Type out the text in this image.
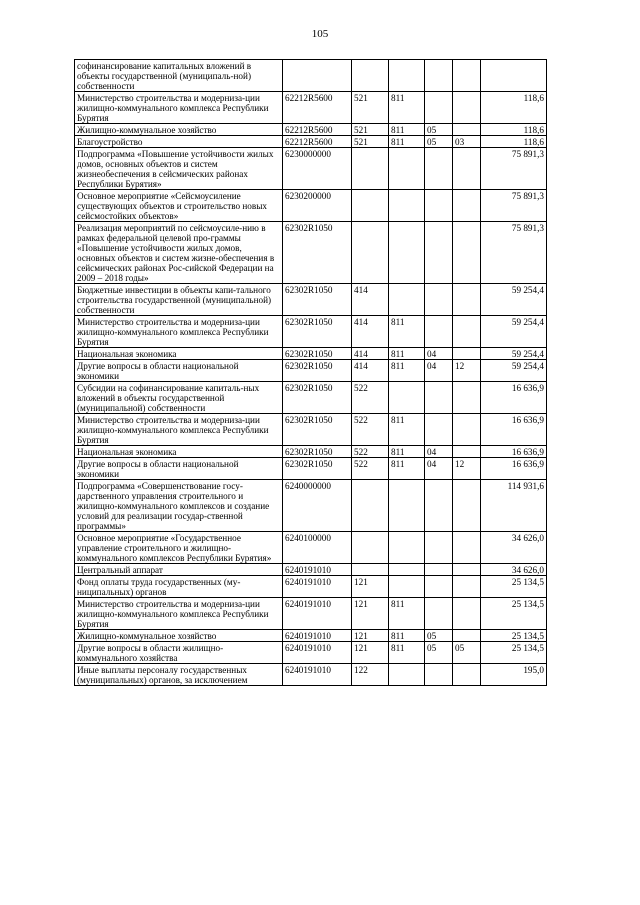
105
софинансирование капитальных вложений в объекты государственной (муниципаль-ной) собственности						
Министерство строительства и модерниза-ции жилищно-коммунального комплекса Республики Бурятия	62212R5600	521	811			118,6
Жилищно-коммунальное хозяйство	62212R5600	521	811	05		118,6
Благоустройство	62212R5600	521	811	05	03	118,6
Подпрограмма «Повышение устойчивости жилых домов, основных объектов и систем жизнеобеспечения в сейсмических районах Республики Бурятия»	6230000000					75 891,3
Основное мероприятие «Сейсмоусиление существующих объектов и строительство новых сейсмостойких объектов»	6230200000					75 891,3
Реализация мероприятий по сейсмоусиле-нию в рамках федеральной целевой про-граммы «Повышение устойчивости жилых домов, основных объектов и систем жизне-обеспечения в сейсмических районах Рос-сийской Федерации на 2009 – 2018 годы»	62302R1050					75 891,3
Бюджетные инвестиции в объекты капи-тального строительства государственной (муниципальной) собственности	62302R1050	414				59 254,4
Министерство строительства и модерниза-ции жилищно-коммунального комплекса Республики Бурятия	62302R1050	414	811			59 254,4
Национальная экономика	62302R1050	414	811	04		59 254,4
Другие вопросы в области национальной экономики	62302R1050	414	811	04	12	59 254,4
Субсидии на софинансирование капиталь-ных вложений в объекты государственной (муниципальной) собственности	62302R1050	522				16 636,9
Министерство строительства и модерниза-ции жилищно-коммунального комплекса Республики Бурятия	62302R1050	522	811			16 636,9
Национальная экономика	62302R1050	522	811	04		16 636,9
Другие вопросы в области национальной экономики	62302R1050	522	811	04	12	16 636,9
Подпрограмма «Совершенствование госу-дарственного управления строительного и жилищно-коммунального комплексов и создание условий для реализации государ-ственной программы»	6240000000					114 931,6
Основное мероприятие «Государственное управление строительного и жилищно-коммунального комплексов Республики Бурятия»	6240100000					34 626,0
Центральный аппарат	6240191010					34 626,0
Фонд оплаты труда государственных (му-ниципальных) органов	6240191010	121				25 134,5
Министерство строительства и модерниза-ции жилищно-коммунального комплекса Республики Бурятия	6240191010	121	811			25 134,5
Жилищно-коммунальное хозяйство	6240191010	121	811	05		25 134,5
Другие вопросы в области жилищно-коммунального хозяйства	6240191010	121	811	05	05	25 134,5
Иные выплаты персоналу государственных (муниципальных) органов, за исключением	6240191010	122				195,0
